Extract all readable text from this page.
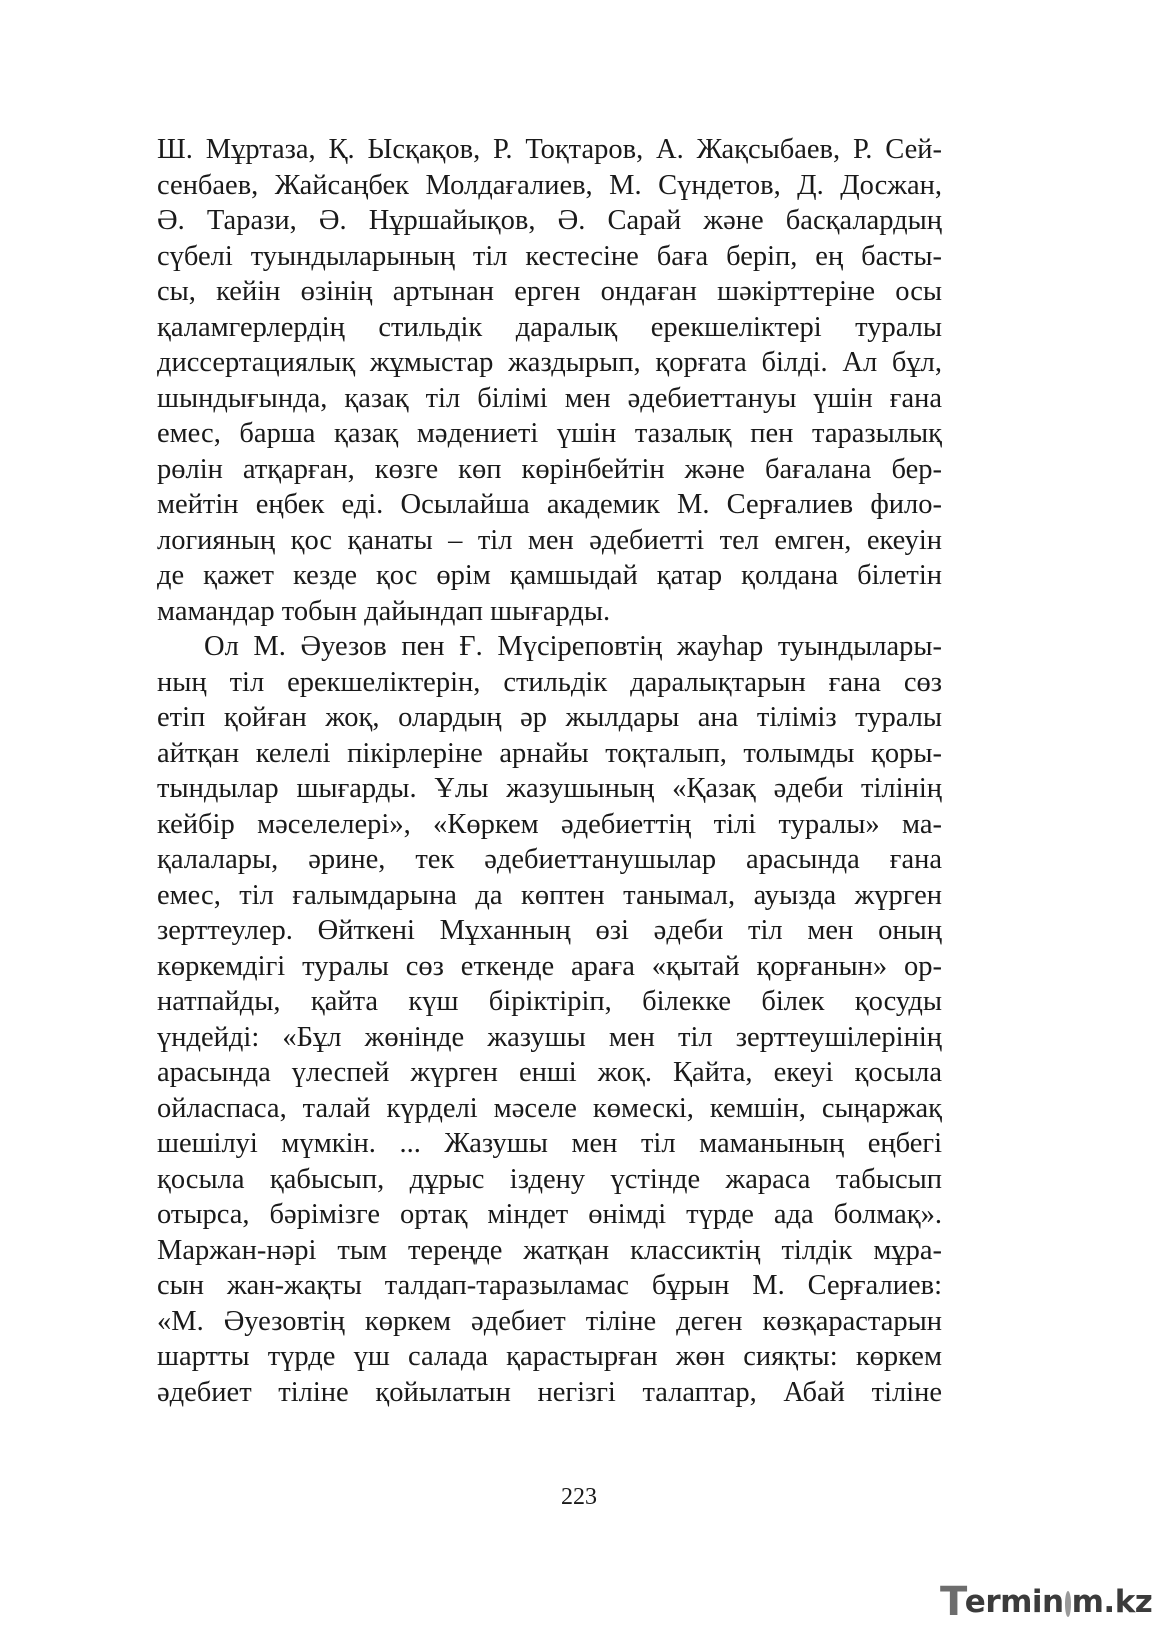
Ш. Мұртаза, Қ. Ысқақов, Р. Тоқтаров, А. Жақсыбаев, Р. Сей-
сенбаев, Жайсаңбек Молдағалиев, М. Сүндетов, Д. Досжан,
Ә. Тарази, Ә. Нұршайықов, Ә. Сарай және басқалардың
сүбелі туындыларының тіл кестесіне баға беріп, ең басты-
сы, кейін өзінің артынан ерген ондаған шәкірттеріне осы
қаламгерлердің стильдік даралық ерекшеліктері туралы
диссертациялық жұмыстар жаздырып, қорғата білді. Ал бұл,
шындығында, қазақ тіл білімі мен әдебиеттануы үшін ғана
емес, барша қазақ мәдениеті үшін тазалық пен таразылық
рөлін атқарған, көзге көп көрінбейтін және бағалана бер-
мейтін еңбек еді. Осылайша академик М. Серғалиев фило-
логияның қос қанаты – тіл мен әдебиетті тел емген, екеуін
де қажет кезде қос өрім қамшыдай қатар қолдана білетін
мамандар тобын дайындап шығарды.
Ол М. Әуезов пен Ғ. Мүсіреповтің жауһар туындылары-
ның тіл ерекшеліктерін, стильдік даралықтарын ғана сөз
етіп қойған жоқ, олардың әр жылдары ана тіліміз туралы
айтқан келелі пікірлеріне арнайы тоқталып, толымды қоры-
тындылар шығарды. Ұлы жазушының «Қазақ әдеби тілінің
кейбір мәселелері», «Көркем әдебиеттің тілі туралы» ма-
қалалары, әрине, тек әдебиеттанушылар арасында ғана
емес, тіл ғалымдарына да көптен танымал, ауызда жүрген
зерттеулер. Өйткені Мұханның өзі әдеби тіл мен оның
көркемдігі туралы сөз еткенде араға «қытай қорғанын» ор-
натпайды, қайта күш біріктіріп, білекке білек қосуды
үндейді: «Бұл жөнінде жазушы мен тіл зерттеушілерінің
арасында үлеспей жүрген енші жоқ. Қайта, екеуі қосыла
ойласпаса, талай күрделі мәселе көмескі, кемшін, сыңаржақ
шешілуі мүмкін. ... Жазушы мен тіл маманының еңбегі
қосыла қабысып, дұрыс іздену үстінде жараса табысып
отырса, бәрімізге ортақ міндет өнімді түрде ада болмақ».
Маржан-нәрі тым тереңде жатқан классиктің тілдік мұра-
сын жан-жақты талдап-таразыламас бұрын М. Серғалиев:
«М. Әуезовтің көркем әдебиет тіліне деген көзқарастарын
шартты түрде үш салада қарастырған жөн сияқты: көркем
әдебиет тіліне қойылатын негізгі талаптар, Абай тіліне
223
T
ermin m.kz
